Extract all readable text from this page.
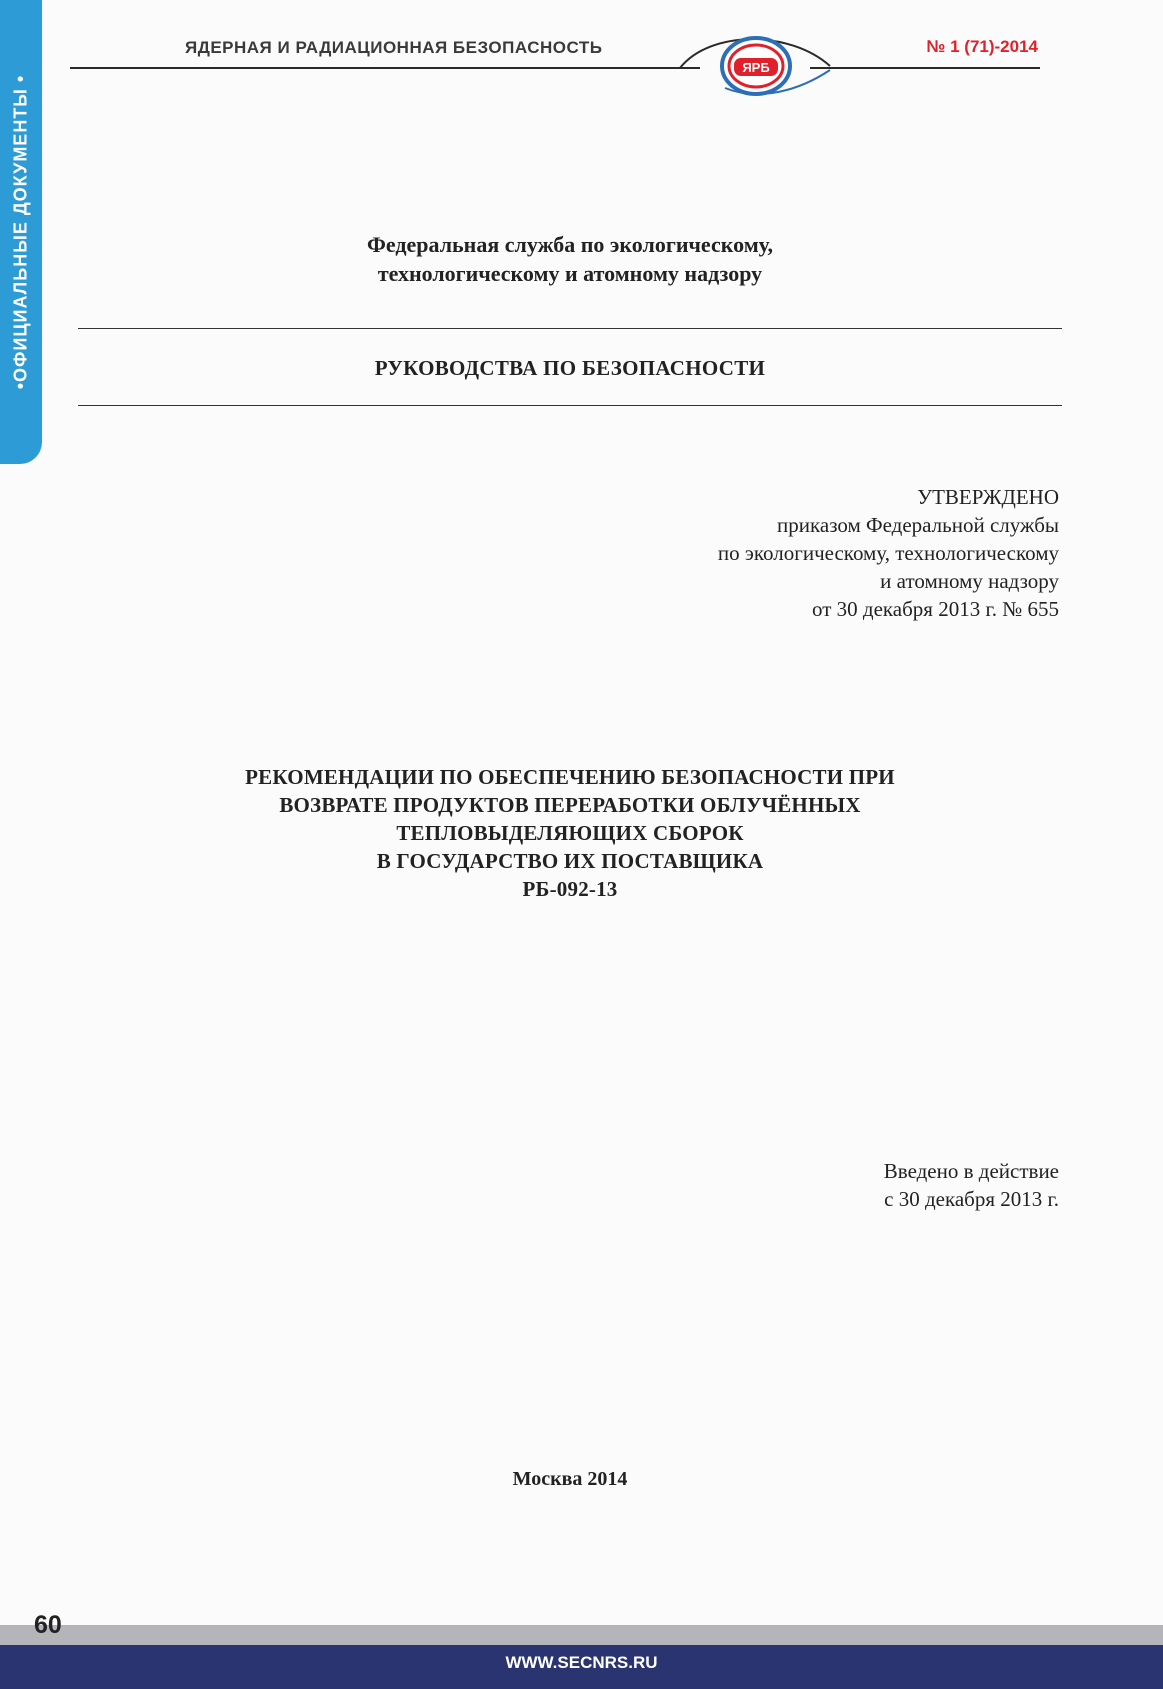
•ОФИЦИАЛЬНЫЕ ДОКУМЕНТЫ •
ЯДЕРНАЯ И РАДИАЦИОННАЯ БЕЗОПАСНОСТЬ	№ 1 (71)-2014
ЯРБ
Федеральная служба по экологическому,
технологическому и атомному надзору
РУКОВОДСТВА ПО БЕЗОПАСНОСТИ
УТВЕРЖДЕНО
приказом Федеральной службы
по экологическому, технологическому
и атомному надзору
от 30 декабря 2013 г. № 655
РЕКОМЕНДАЦИИ ПО ОБЕСПЕЧЕНИЮ БЕЗОПАСНОСТИ ПРИ
ВОЗВРАТЕ ПРОДУКТОВ ПЕРЕРАБОТКИ ОБЛУЧЁННЫХ
ТЕПЛОВЫДЕЛЯЮЩИХ СБОРОК
В ГОСУДАРСТВО ИХ ПОСТАВЩИКА
РБ-092-13
Введено в действие
с 30 декабря 2013 г.
Москва 2014
WWW.SECNRS.RU
60
